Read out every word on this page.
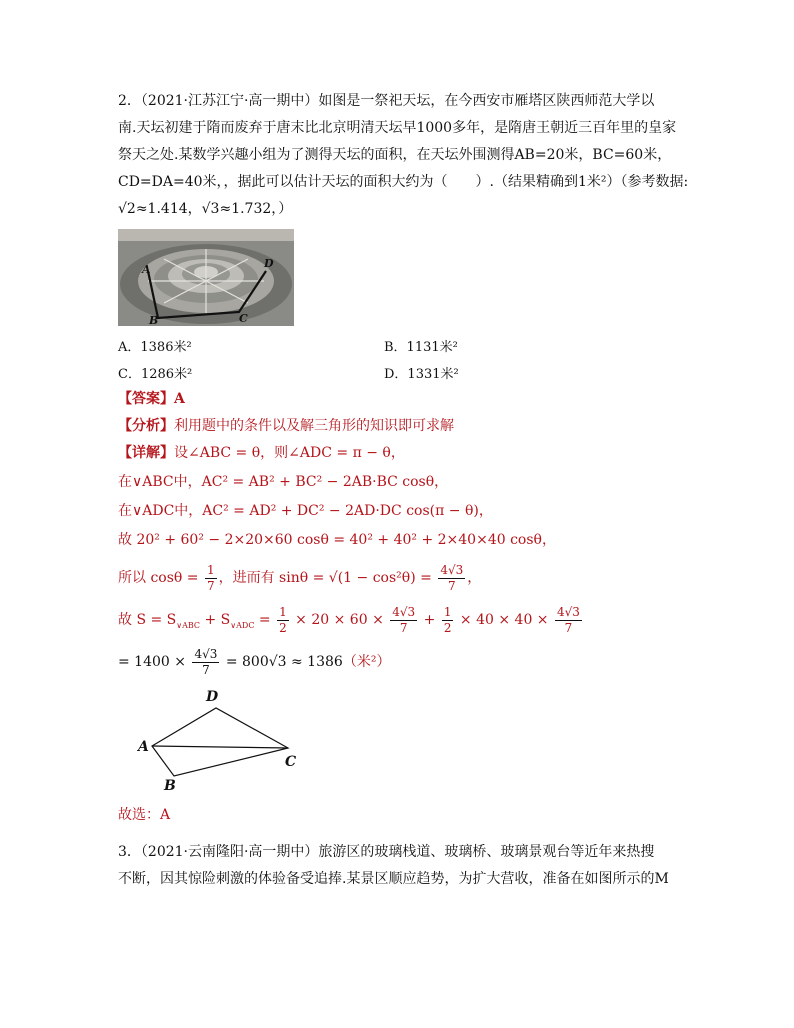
2．（2021·江苏江宁·高一期中）如图是一祭祀天坛，在今西安市雁塔区陕西师范大学以
南.天坛初建于隋而废弃于唐末比北京明清天坛早1000多年，是隋唐王朝近三百年里的皇家
祭天之处.某数学兴趣小组为了测得天坛的面积，在天坛外围测得AB=20米，BC=60米，
CD=DA=40米，，据此可以估计天坛的面积大约为（　　）.（结果精确到1米²）（参考数据:
√2≈1.414，√3≈1.732，）
A
B	C
D
A．1386米²	B．1131米²
C．1286米²	D．1331米²
【答案】A
【分析】利用题中的条件以及解三角形的知识即可求解
【详解】设∠ABC = θ，则∠ADC = π − θ，
在∨ABC中，AC² = AB² + BC² − 2AB·BC cosθ，
在∨ADC中，AC² = AD² + DC² − 2AD·DC cos(π − θ)，
故 20² + 60² − 2×20×60 cosθ = 40² + 40² + 2×40×40 cosθ，
所以 $\cos\theta = \frac{1}{7}$ ，进而有 $\sin\theta = √(1 - \cos^2\theta) = \frac{4√3}{7}$ ，
故 $S = S_{\vee ABC} + S_{\vee ADC} = \frac{1}{2} \times 20 \times 60 \times \frac{4√3}{7} + \frac{1}{2} \times 40 \times 40 \times \frac{4√3}{7}$
= $1400 \times \frac{4√3}{7} = 800√3 \approx 1386$（米²）
A
B
C
D
故选：A
3．（2021·云南隆阳·高一期中）旅游区的玻璃栈道、玻璃桥、玻璃景观台等近年来热搜
不断，因其惊险刺激的体验备受追捧.某景区顺应趋势，为扩大营收，准备在如图所示的M
